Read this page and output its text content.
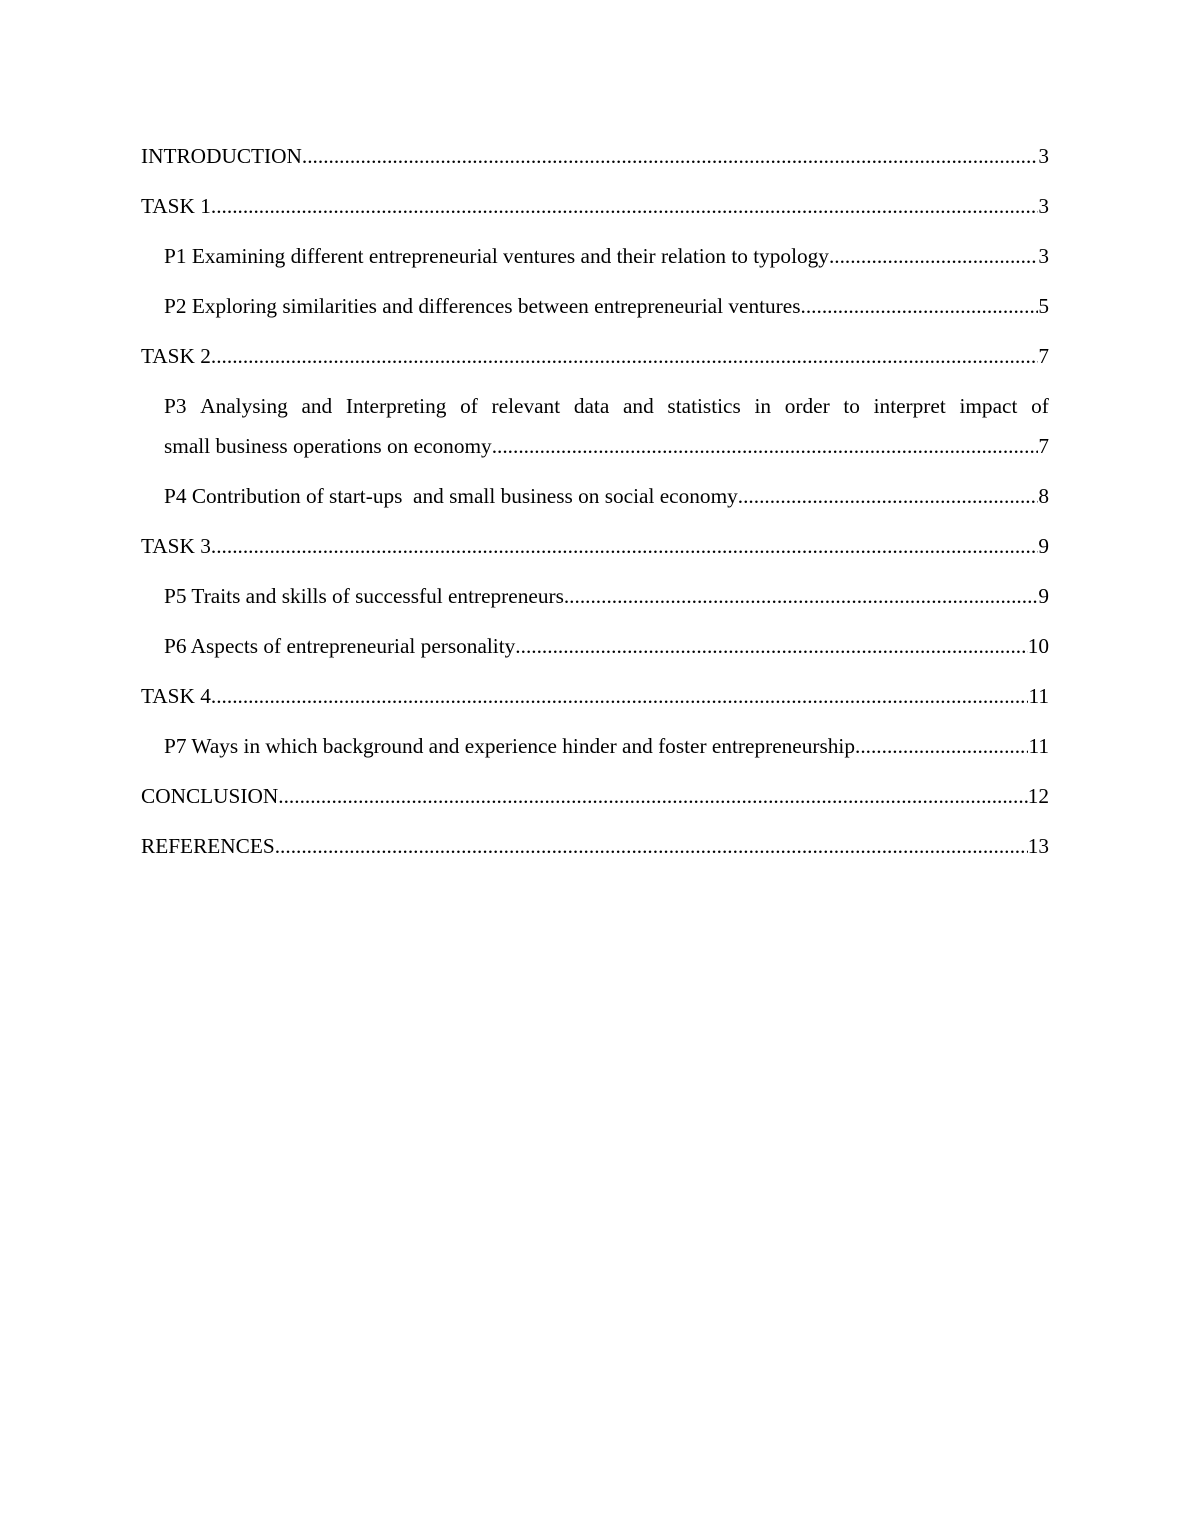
INTRODUCTION .....	3
TASK 1 .....	3
P1 Examining different entrepreneurial ventures and their relation to typology .....	3
P2 Exploring similarities and differences between entrepreneurial ventures .....	5
TASK 2 .....	7
P3 Analysing and Interpreting of relevant data and statistics in order to interpret impact of
small business operations on economy .....	7
P4 Contribution of start-ups  and small business on social economy .....	8
TASK 3 .....	9
P5 Traits and skills of successful entrepreneurs .....	9
P6 Aspects of entrepreneurial personality .....	10
TASK 4 .....	11
P7 Ways in which background and experience hinder and foster entrepreneurship .....	11
CONCLUSION .....	12
REFERENCES .....	13
